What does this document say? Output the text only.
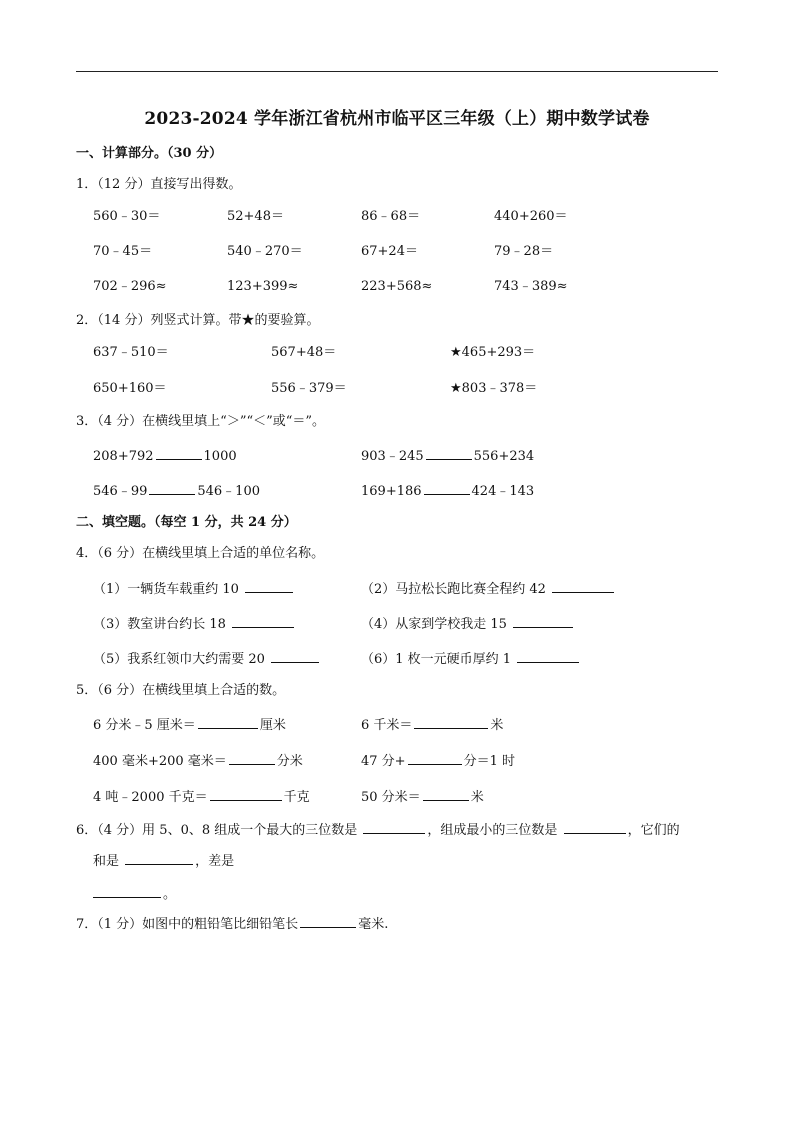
2023-2024 学年浙江省杭州市临平区三年级（上）期中数学试卷
一、计算部分。（30 分）
1．（12 分）直接写出得数。
560﹣30＝	52+48＝	86﹣68＝	440+260＝
70﹣45＝	540﹣270＝	67+24＝	79﹣28＝
702﹣296≈	123+399≈	223+568≈	743﹣389≈
2．（14 分）列竖式计算。带★的要验算。
637﹣510＝	567+48＝	★465+293＝
650+160＝	556﹣379＝	★803﹣378＝
3．（4 分）在横线里填上“＞”“＜”或“＝”。
208+792	1000	903﹣245	556+234
546﹣99	546﹣100	169+186	424﹣143
二、填空题。（每空 1 分，共 24 分）
4．（6 分）在横线里填上合适的单位名称。
（1）一辆货车载重约 10	（2）马拉松长跑比赛全程约 42
（3）教室讲台约长 18	（4）从家到学校我走 15
（5）我系红领巾大约需要 20	（6）1 枚一元硬币厚约 1
5．（6 分）在横线里填上合适的数。
6 分米﹣5 厘米＝	厘米	6 千米＝	米
400 毫米+200 毫米＝	分米	47 分+	分＝1 时
4 吨﹣2000 千克＝	千克	50 分米＝	米
6．（4 分）用 5、0、8 组成一个最大的三位数是	，组成最小的三位数是	，它们的
和是	，差是
。
7．（1 分）如图中的粗铅笔比细铅笔长	毫米.
